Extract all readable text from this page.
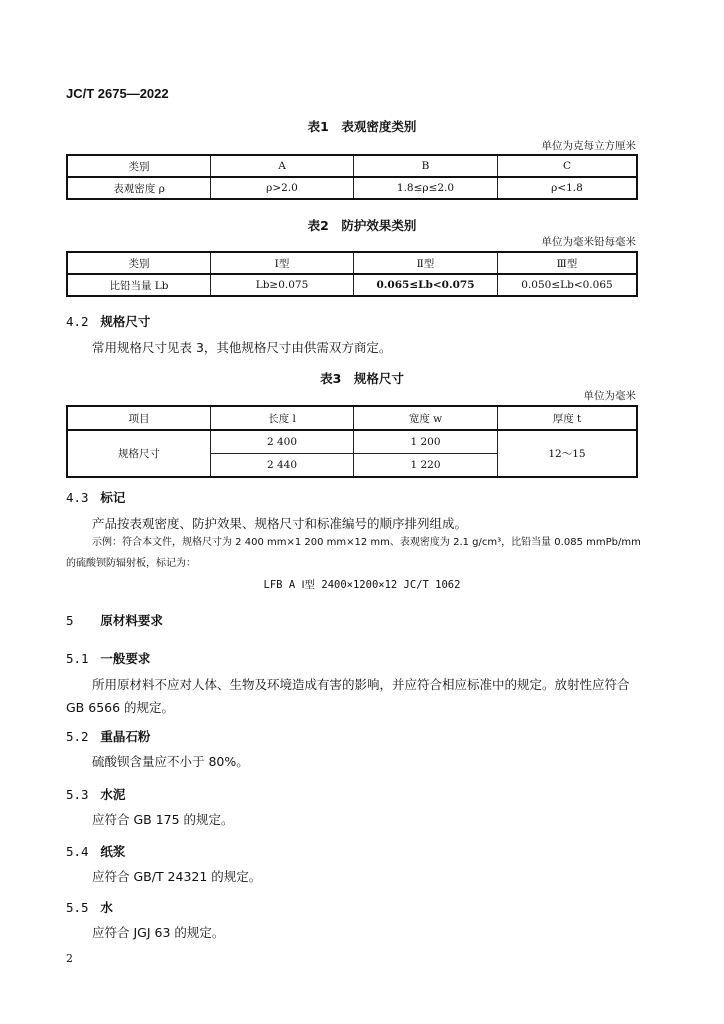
JC/T 2675—2022
表1　表观密度类别
单位为克每立方厘米
类别	A	B	C
表观密度 ρ	ρ>2.0	1.8≤ρ≤2.0	ρ<1.8
表2　防护效果类别
单位为毫米铅每毫米
类别	Ⅰ型	Ⅱ型	Ⅲ型
比铅当量 Lb	Lb≥0.075	0.065≤Lb<0.075	0.050≤Lb<0.065
4.2 规格尺寸
常用规格尺寸见表 3，其他规格尺寸由供需双方商定。
表3　规格尺寸
单位为毫米
项目	长度 l	宽度 w	厚度 t
规格尺寸	2 400	1 200	12～15
	2 440	1 220	
4.3 标记
产品按表观密度、防护效果、规格尺寸和标准编号的顺序排列组成。
示例：符合本文件，规格尺寸为 2 400 mm×1 200 mm×12 mm、表观密度为 2.1 g/cm³，比铅当量 0.085 mmPb/mm 的硫酸钡防辐射板，标记为：
LFB A Ⅰ型 2400×1200×12 JC/T 1062
5 原材料要求
5.1 一般要求
所用原材料不应对人体、生物及环境造成有害的影响，并应符合相应标准中的规定。放射性应符合 GB 6566 的规定。
5.2 重晶石粉
硫酸钡含量应不小于 80%。
5.3 水泥
应符合 GB 175 的规定。
5.4 纸浆
应符合 GB/T 24321 的规定。
5.5 水
应符合 JGJ 63 的规定。
2
